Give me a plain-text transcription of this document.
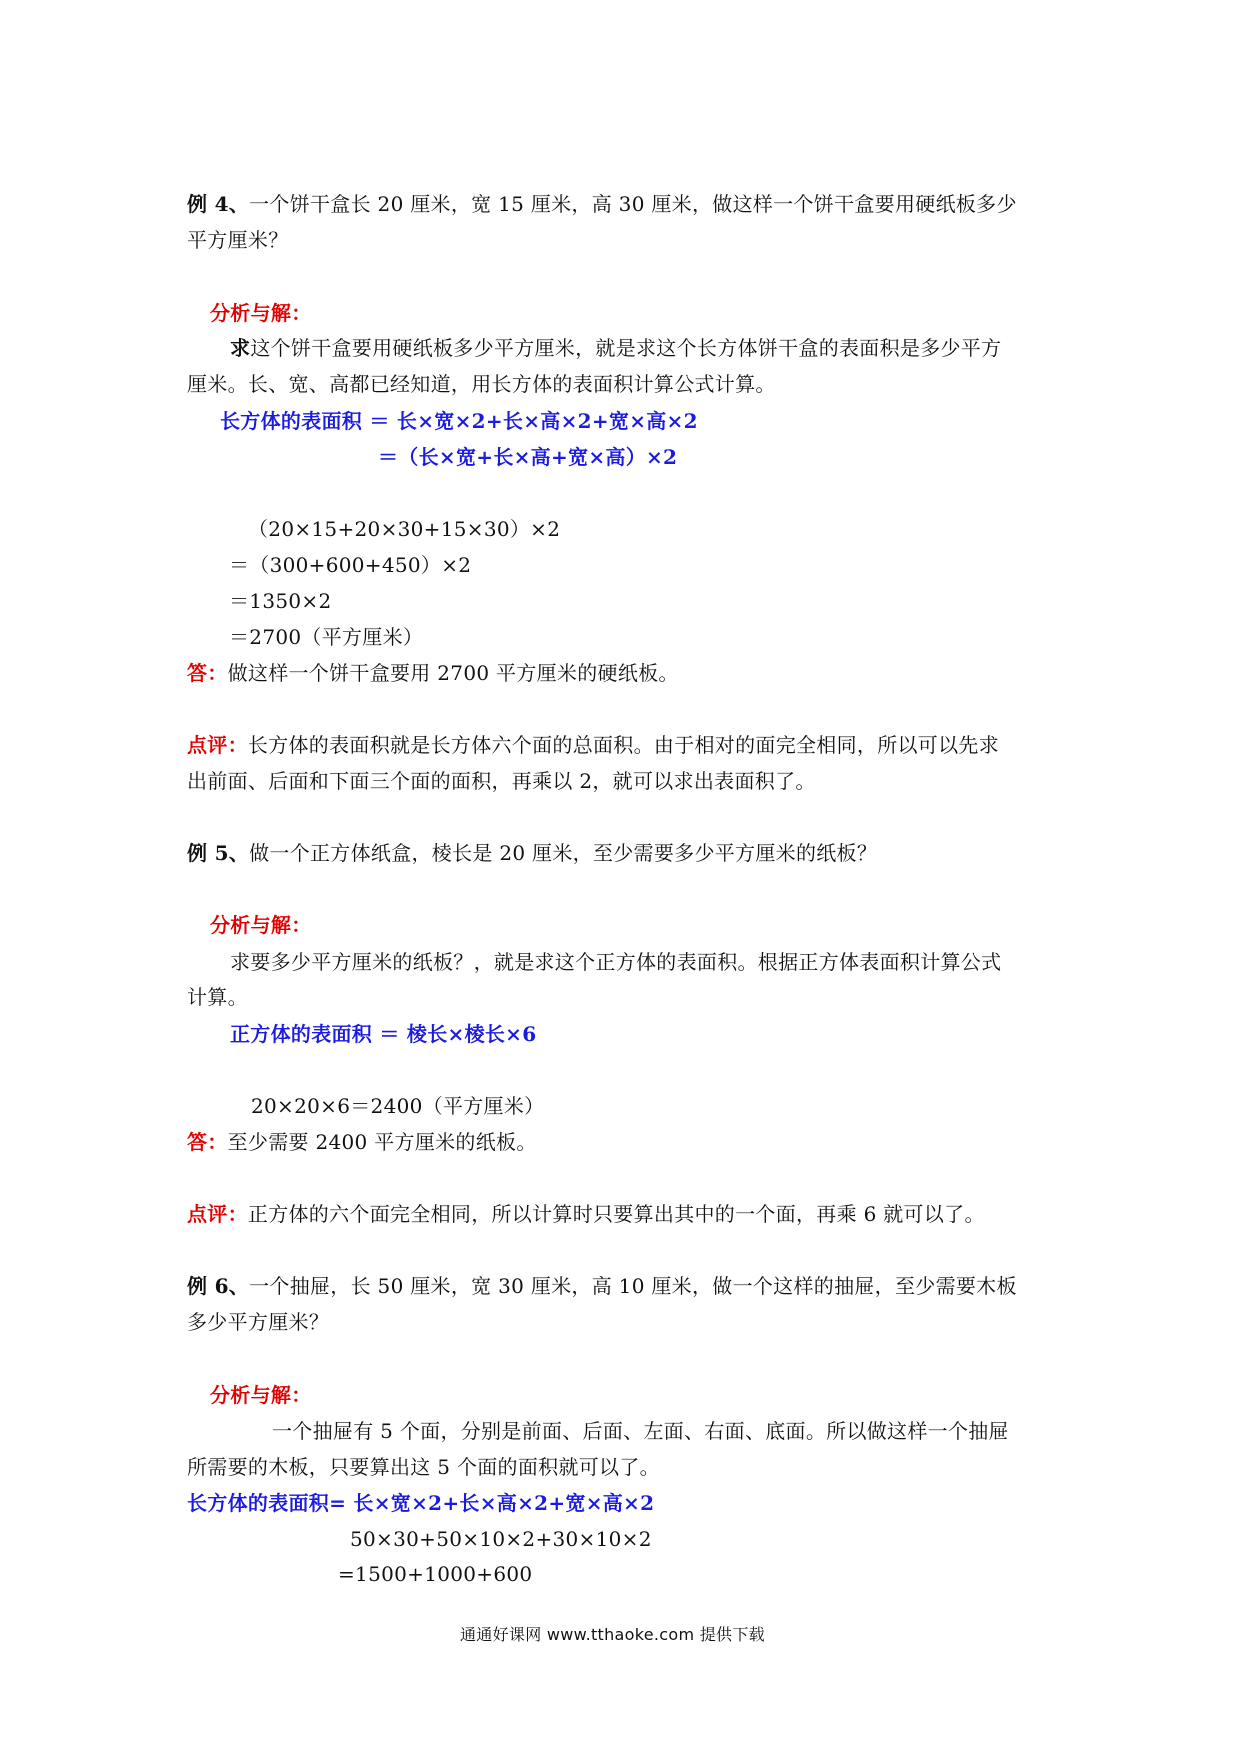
例 4、一个饼干盒长 20 厘米，宽 15 厘米，高 30 厘米，做这样一个饼干盒要用硬纸板多少
平方厘米？
分析与解：
求这个饼干盒要用硬纸板多少平方厘米，就是求这个长方体饼干盒的表面积是多少平方
厘米。长、宽、高都已经知道，用长方体的表面积计算公式计算。
长方体的表面积 ＝ 长×宽×2+长×高×2+宽×高×2
＝（长×宽+长×高+宽×高）×2
（20×15+20×30+15×30）×2
＝（300+600+450）×2
＝1350×2
＝2700（平方厘米）
答：做这样一个饼干盒要用 2700 平方厘米的硬纸板。
点评：长方体的表面积就是长方体六个面的总面积。由于相对的面完全相同，所以可以先求
出前面、后面和下面三个面的面积，再乘以 2，就可以求出表面积了。
例 5、做一个正方体纸盒，棱长是 20 厘米，至少需要多少平方厘米的纸板？
分析与解：
求要多少平方厘米的纸板？，就是求这个正方体的表面积。根据正方体表面积计算公式
计算。
正方体的表面积 ＝ 棱长×棱长×6
20×20×6＝2400（平方厘米）
答：至少需要 2400 平方厘米的纸板。
点评：正方体的六个面完全相同，所以计算时只要算出其中的一个面，再乘 6 就可以了。
例 6、一个抽屉，长 50 厘米，宽 30 厘米，高 10 厘米，做一个这样的抽屉，至少需要木板
多少平方厘米？
分析与解：
一个抽屉有 5 个面，分别是前面、后面、左面、右面、底面。所以做这样一个抽屉
所需要的木板，只要算出这 5 个面的面积就可以了。
长方体的表面积= 长×宽×2+长×高×2+宽×高×2
50×30+50×10×2+30×10×2
=1500+1000+600
通通好课网 www.tthaoke.com 提供下载
